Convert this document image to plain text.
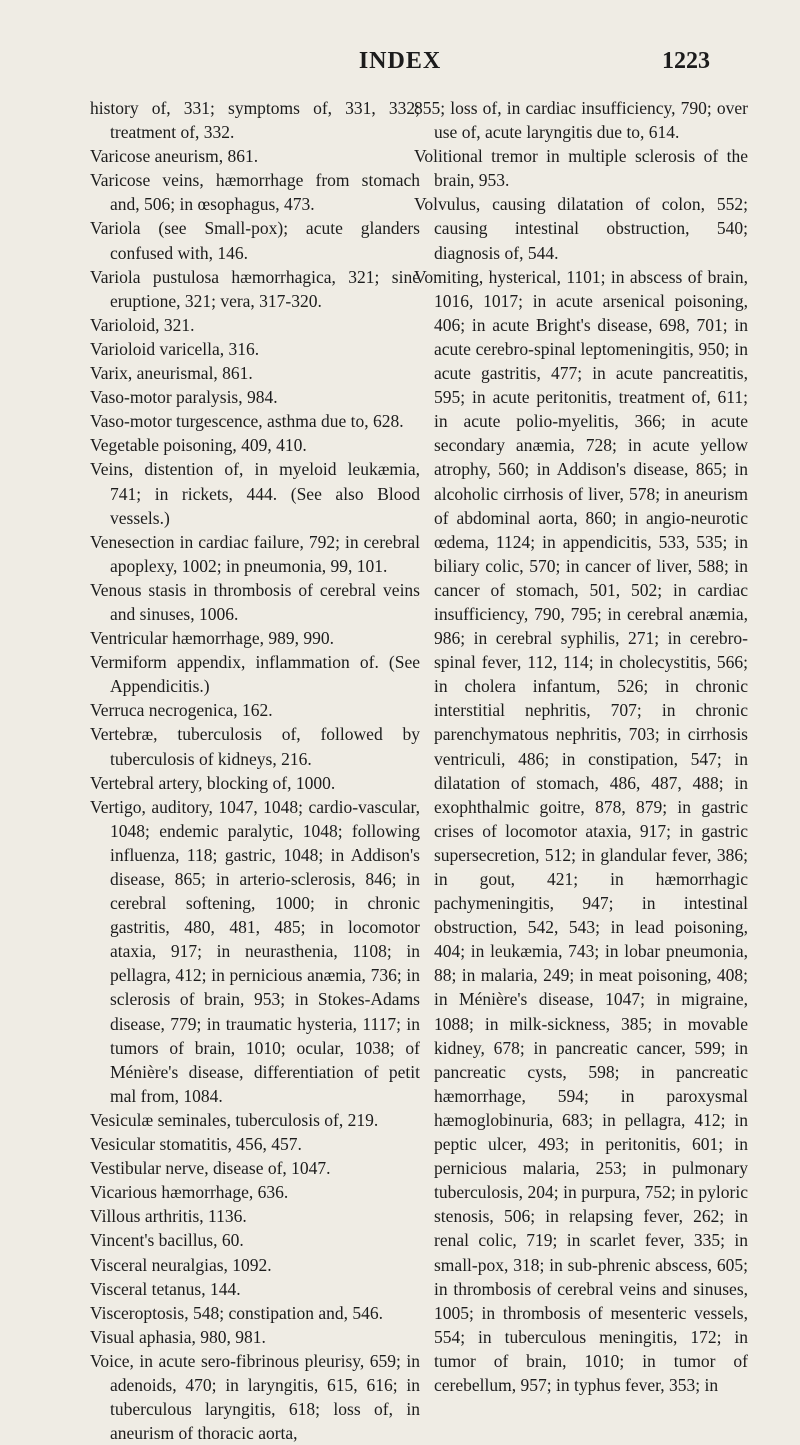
INDEX	1223
history of, 331; symptoms of, 331, 332; treatment of, 332.
Varicose aneurism, 861.
Varicose veins, hæmorrhage from stomach and, 506; in œsophagus, 473.
Variola (see Small-pox); acute glanders confused with, 146.
Variola pustulosa hæmorrhagica, 321; sine eruptione, 321; vera, 317-320.
Varioloid, 321.
Varioloid varicella, 316.
Varix, aneurismal, 861.
Vaso-motor paralysis, 984.
Vaso-motor turgescence, asthma due to, 628.
Vegetable poisoning, 409, 410.
Veins, distention of, in myeloid leukæmia, 741; in rickets, 444. (See also Blood vessels.)
Venesection in cardiac failure, 792; in cerebral apoplexy, 1002; in pneumonia, 99, 101.
Venous stasis in thrombosis of cerebral veins and sinuses, 1006.
Ventricular hæmorrhage, 989, 990.
Vermiform appendix, inflammation of. (See Appendicitis.)
Verruca necrogenica, 162.
Vertebræ, tuberculosis of, followed by tuberculosis of kidneys, 216.
Vertebral artery, blocking of, 1000.
Vertigo, auditory, 1047, 1048; cardio-vascular, 1048; endemic paralytic, 1048; following influenza, 118; gastric, 1048; in Addison's disease, 865; in arterio-sclerosis, 846; in cerebral softening, 1000; in chronic gastritis, 480, 481, 485; in locomotor ataxia, 917; in neurasthenia, 1108; in pellagra, 412; in pernicious anæmia, 736; in sclerosis of brain, 953; in Stokes-Adams disease, 779; in traumatic hysteria, 1117; in tumors of brain, 1010; ocular, 1038; of Ménière's disease, differentiation of petit mal from, 1084.
Vesiculæ seminales, tuberculosis of, 219.
Vesicular stomatitis, 456, 457.
Vestibular nerve, disease of, 1047.
Vicarious hæmorrhage, 636.
Villous arthritis, 1136.
Vincent's bacillus, 60.
Visceral neuralgias, 1092.
Visceral tetanus, 144.
Visceroptosis, 548; constipation and, 546.
Visual aphasia, 980, 981.
Voice, in acute sero-fibrinous pleurisy, 659; in adenoids, 470; in laryngitis, 615, 616; in tuberculous laryngitis, 618; loss of, in aneurism of thoracic aorta,
855; loss of, in cardiac insufficiency, 790; over use of, acute laryngitis due to, 614.
Volitional tremor in multiple sclerosis of the brain, 953.
Volvulus, causing dilatation of colon, 552; causing intestinal obstruction, 540; diagnosis of, 544.
Vomiting, hysterical, 1101; in abscess of brain, 1016, 1017; in acute arsenical poisoning, 406; in acute Bright's disease, 698, 701; in acute cerebro-spinal leptomeningitis, 950; in acute gastritis, 477; in acute pancreatitis, 595; in acute peritonitis, treatment of, 611; in acute polio-myelitis, 366; in acute secondary anæmia, 728; in acute yellow atrophy, 560; in Addison's disease, 865; in alcoholic cirrhosis of liver, 578; in aneurism of abdominal aorta, 860; in angio-neurotic œdema, 1124; in appendicitis, 533, 535; in biliary colic, 570; in cancer of liver, 588; in cancer of stomach, 501, 502; in cardiac insufficiency, 790, 795; in cerebral anæmia, 986; in cerebral syphilis, 271; in cerebro-spinal fever, 112, 114; in cholecystitis, 566; in cholera infantum, 526; in chronic interstitial nephritis, 707; in chronic parenchymatous nephritis, 703; in cirrhosis ventriculi, 486; in constipation, 547; in dilatation of stomach, 486, 487, 488; in exophthalmic goitre, 878, 879; in gastric crises of locomotor ataxia, 917; in gastric supersecretion, 512; in glandular fever, 386; in gout, 421; in hæmorrhagic pachymeningitis, 947; in intestinal obstruction, 542, 543; in lead poisoning, 404; in leukæmia, 743; in lobar pneumonia, 88; in malaria, 249; in meat poisoning, 408; in Ménière's disease, 1047; in migraine, 1088; in milk-sickness, 385; in movable kidney, 678; in pancreatic cancer, 599; in pancreatic cysts, 598; in pancreatic hæmorrhage, 594; in paroxysmal hæmoglobinuria, 683; in pellagra, 412; in peptic ulcer, 493; in peritonitis, 601; in pernicious malaria, 253; in pulmonary tuberculosis, 204; in purpura, 752; in pyloric stenosis, 506; in relapsing fever, 262; in renal colic, 719; in scarlet fever, 335; in small-pox, 318; in sub-phrenic abscess, 605; in thrombosis of cerebral veins and sinuses, 1005; in thrombosis of mesenteric vessels, 554; in tuberculous meningitis, 172; in tumor of brain, 1010; in tumor of cerebellum, 957; in typhus fever, 353; in
